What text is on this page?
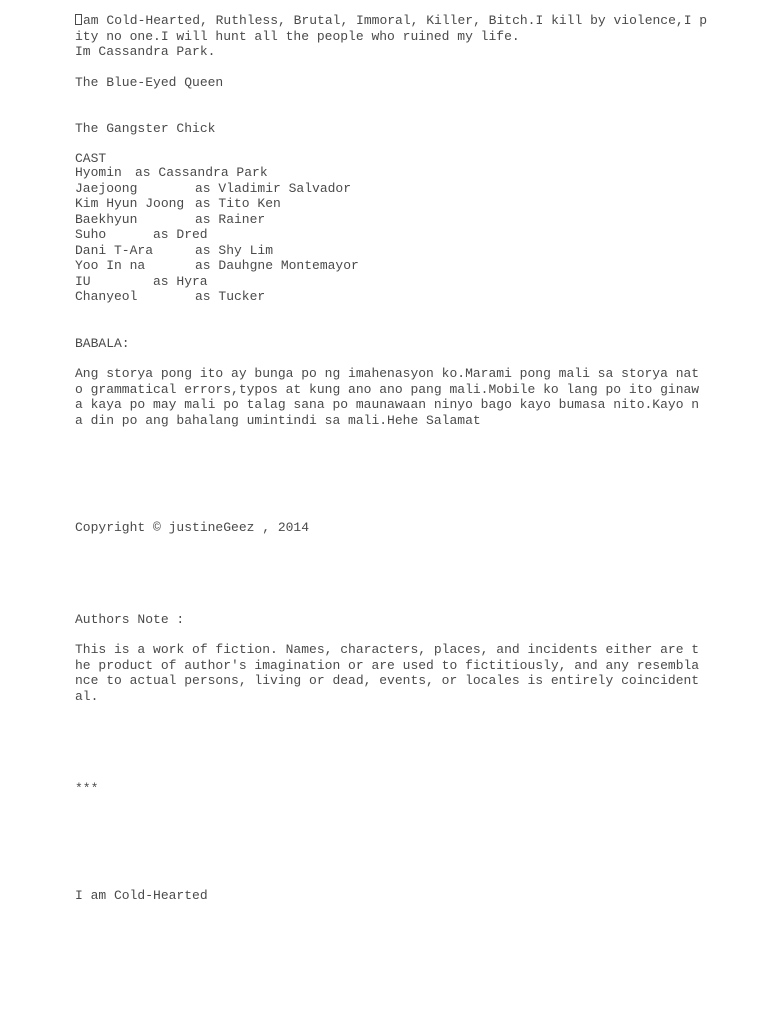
am Cold-Hearted, Ruthless, Brutal, Immoral, Killer, Bitch.I kill by violence,I p
ity no one.I will hunt all the people who ruined my life.
Im Cassandra Park.
The Blue-Eyed Queen
The Gangster Chick
CAST

Hyomin

as Cassandra Park

Jaejoong

	as Vladimir Salvador

Kim Hyun Joong

as Tito Ken

Baekhyun

	as Rainer

Suho

	as Dred

Dani T-Ara

	as Shy Lim

Yoo In na

	as Dauhgne Montemayor

IU

	as Hyra

Chanyeol

	as Tucker

BABALA:
Ang storya pong ito ay bunga po ng imahenasyon ko.Marami pong mali sa storya nat
o grammatical errors,typos at kung ano ano pang mali.Mobile ko lang po ito ginaw
a kaya po may mali po talag sana po maunawaan ninyo bago kayo bumasa nito.Kayo n
a din po ang bahalang umintindi sa mali.Hehe Salamat
Copyright © justineGeez , 2014
Authors Note :
This is a work of fiction. Names, characters, places, and incidents either are t
he product of author's imagination or are used to fictitiously, and any resembla
nce to actual persons, living or dead, events, or locales is entirely coincident
al.
***
I am Cold-Hearted
